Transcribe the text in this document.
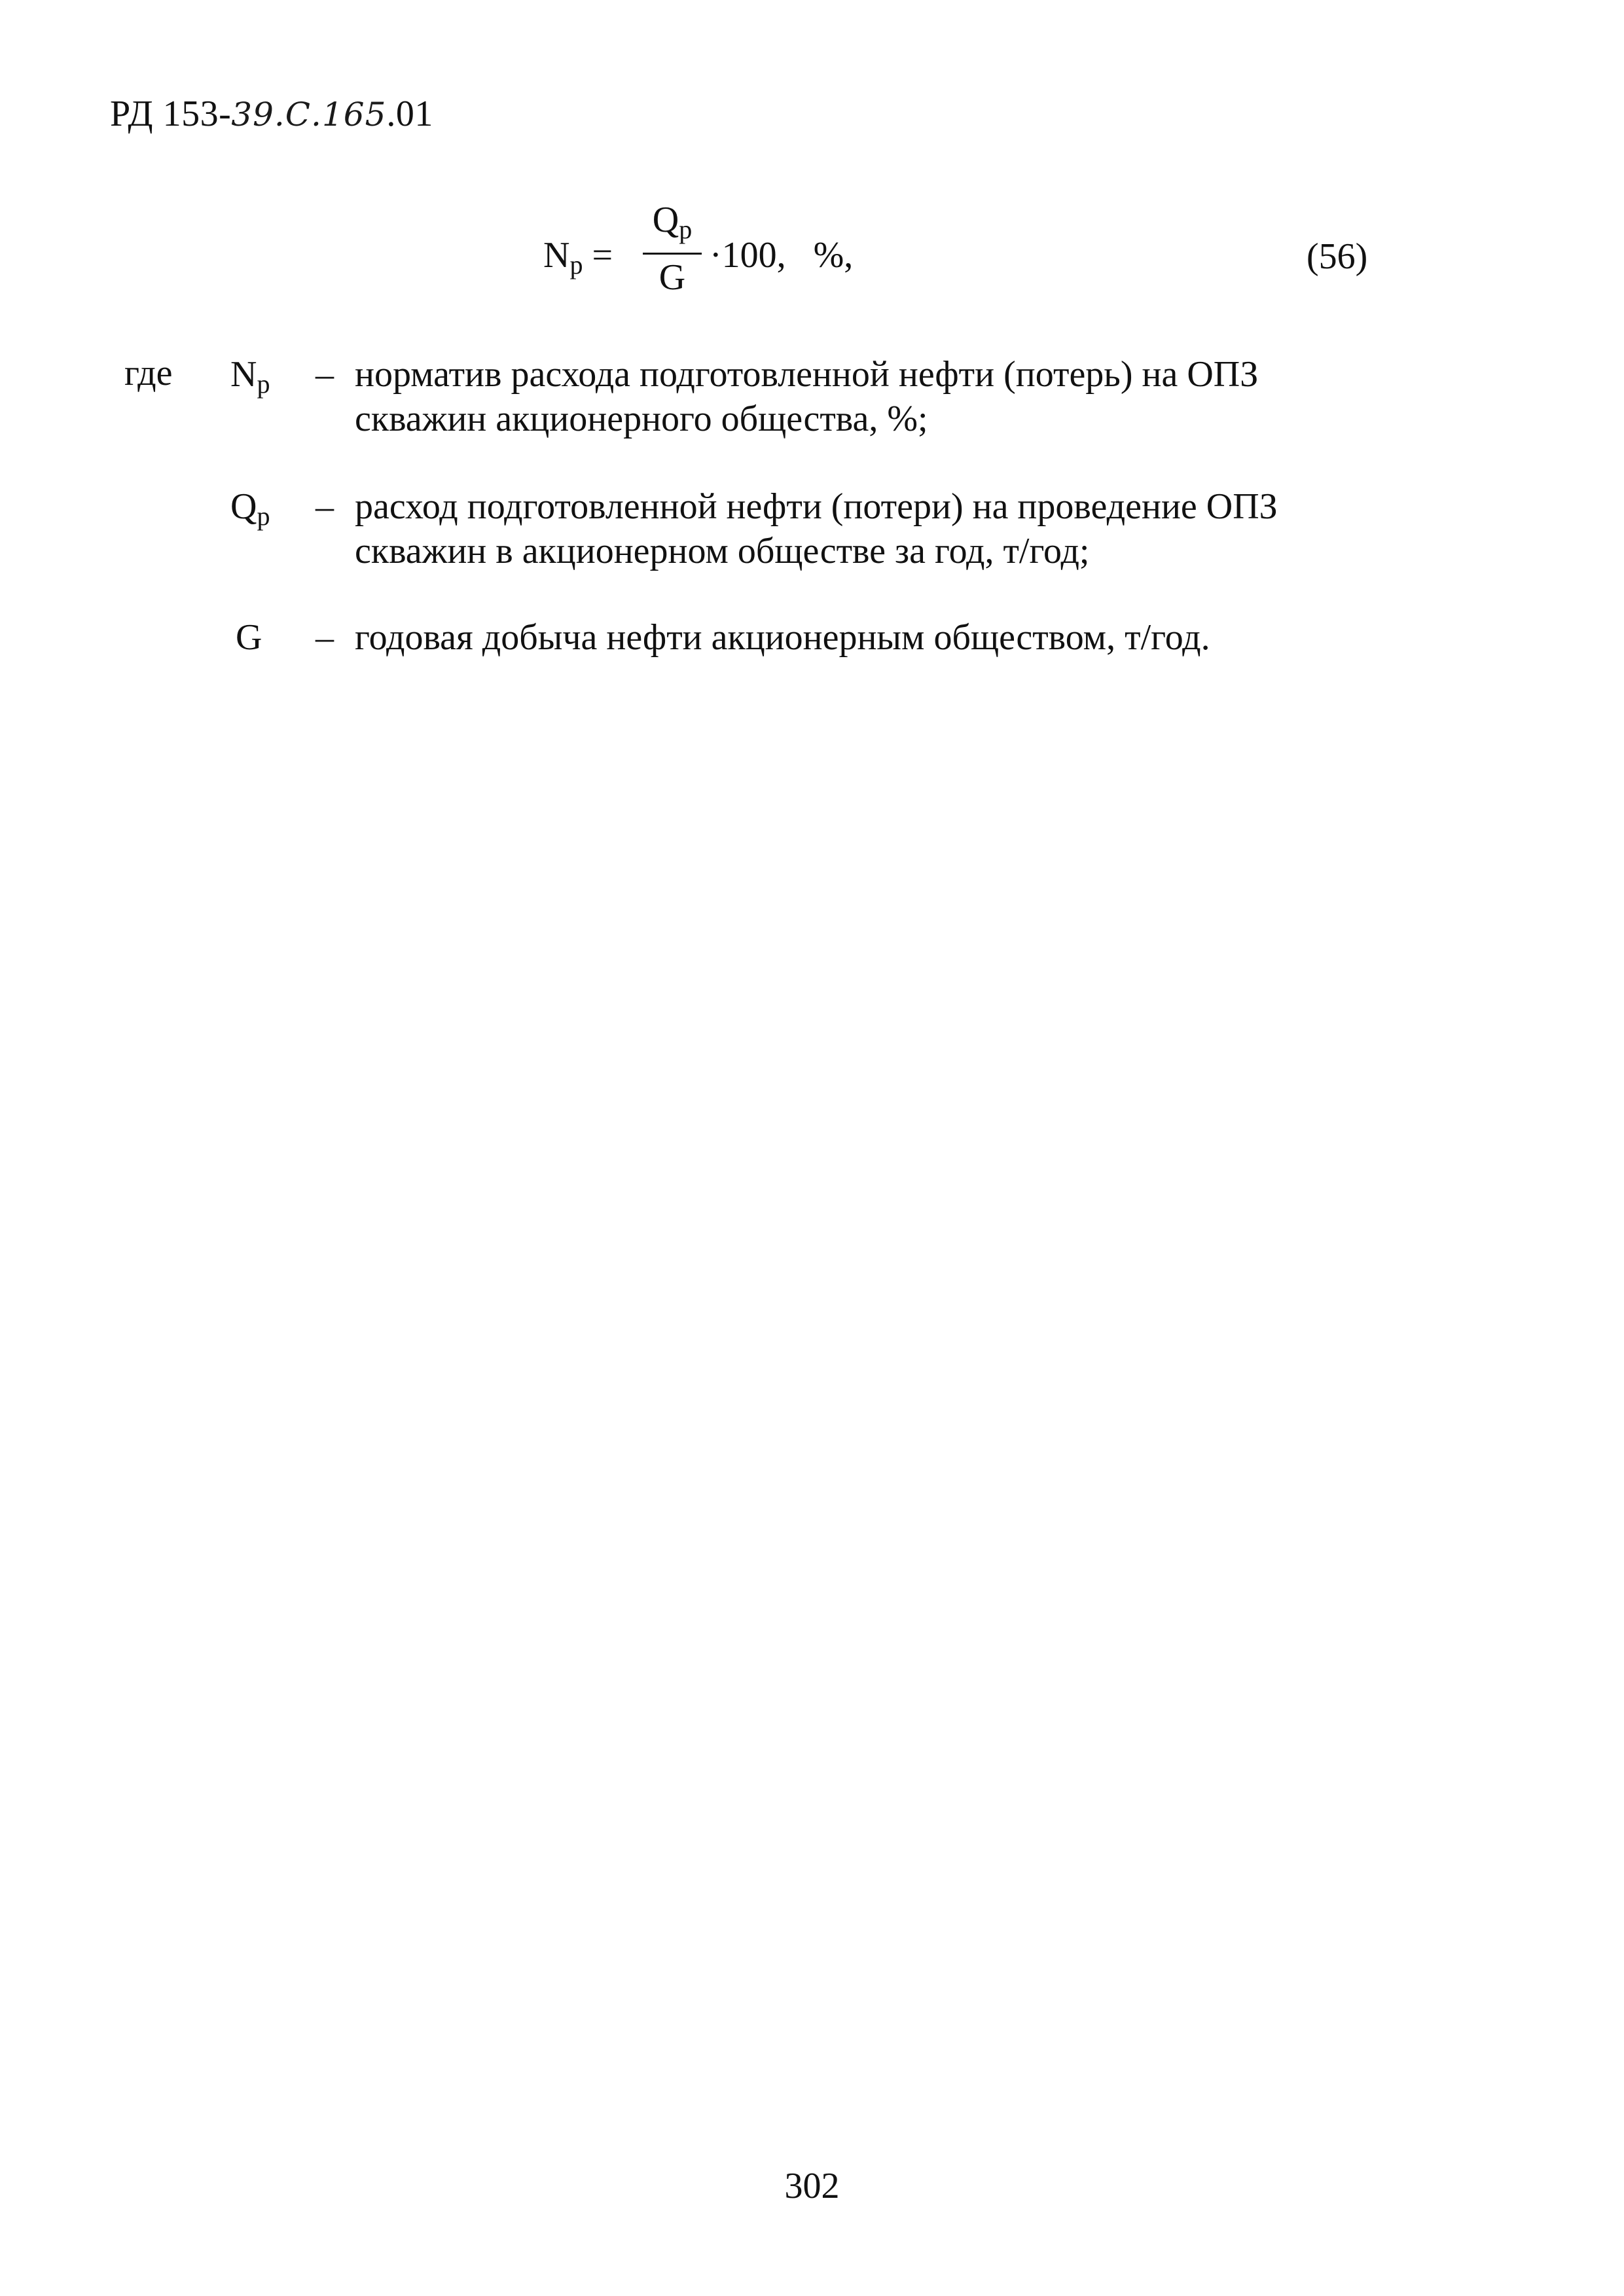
РД 153-39.С.165.01
$N_p$ =
$Q_p$
G
·100, %,	(56)
где $N_p$ – норматив расхода подготовленной нефти (потерь) на ОПЗ
скважин акционерного общества, %;
$Q_p$ – расход подготовленной нефти (потери) на проведение ОПЗ
скважин в акционерном обществе за год, т/год;
G – годовая добыча нефти акционерным обществом, т/год.
302
